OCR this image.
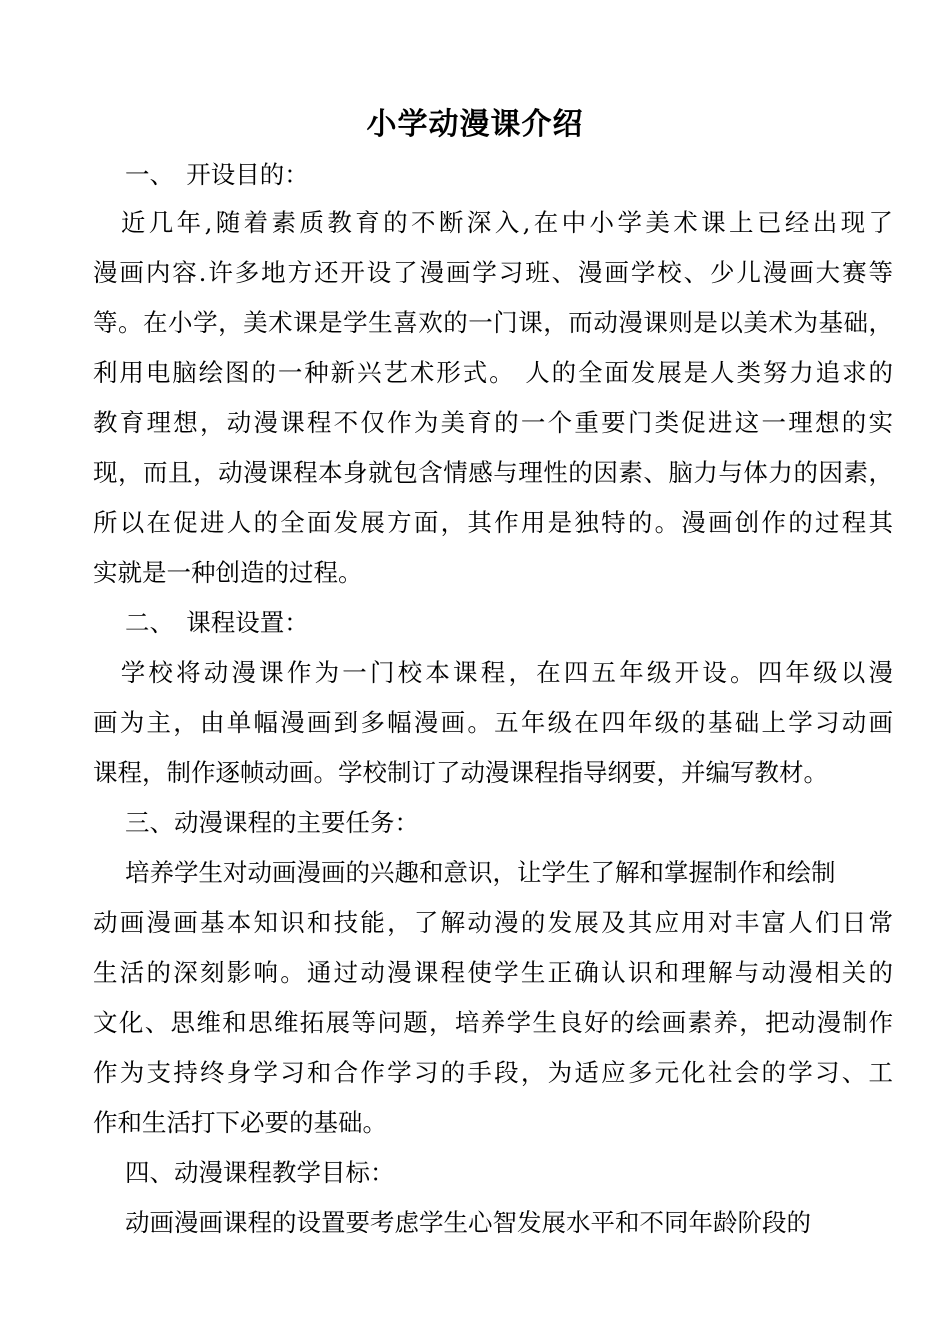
小学动漫课介绍
一、　开设目的：
　近几年,随着素质教育的不断深入,在中小学美术课上已经出现了
漫画内容.许多地方还开设了漫画学习班、漫画学校、少儿漫画大赛等
等。在小学，美术课是学生喜欢的一门课，而动漫课则是以美术为基础，
利用电脑绘图的一种新兴艺术形式。 人的全面发展是人类努力追求的
教育理想，动漫课程不仅作为美育的一个重要门类促进这一理想的实
现，而且，动漫课程本身就包含情感与理性的因素、脑力与体力的因素，
所以在促进人的全面发展方面，其作用是独特的。漫画创作的过程其
实就是一种创造的过程。
二、　课程设置：
　学校将动漫课作为一门校本课程，在四五年级开设。四年级以漫
画为主，由单幅漫画到多幅漫画。五年级在四年级的基础上学习动画
课程，制作逐帧动画。学校制订了动漫课程指导纲要，并编写教材。
三、动漫课程的主要任务：
培养学生对动画漫画的兴趣和意识，让学生了解和掌握制作和绘制
动画漫画基本知识和技能，了解动漫的发展及其应用对丰富人们日常
生活的深刻影响。通过动漫课程使学生正确认识和理解与动漫相关的
文化、思维和思维拓展等问题，培养学生良好的绘画素养，把动漫制作
作为支持终身学习和合作学习的手段，为适应多元化社会的学习、工
作和生活打下必要的基础。
四、动漫课程教学目标：
动画漫画课程的设置要考虑学生心智发展水平和不同年龄阶段的
